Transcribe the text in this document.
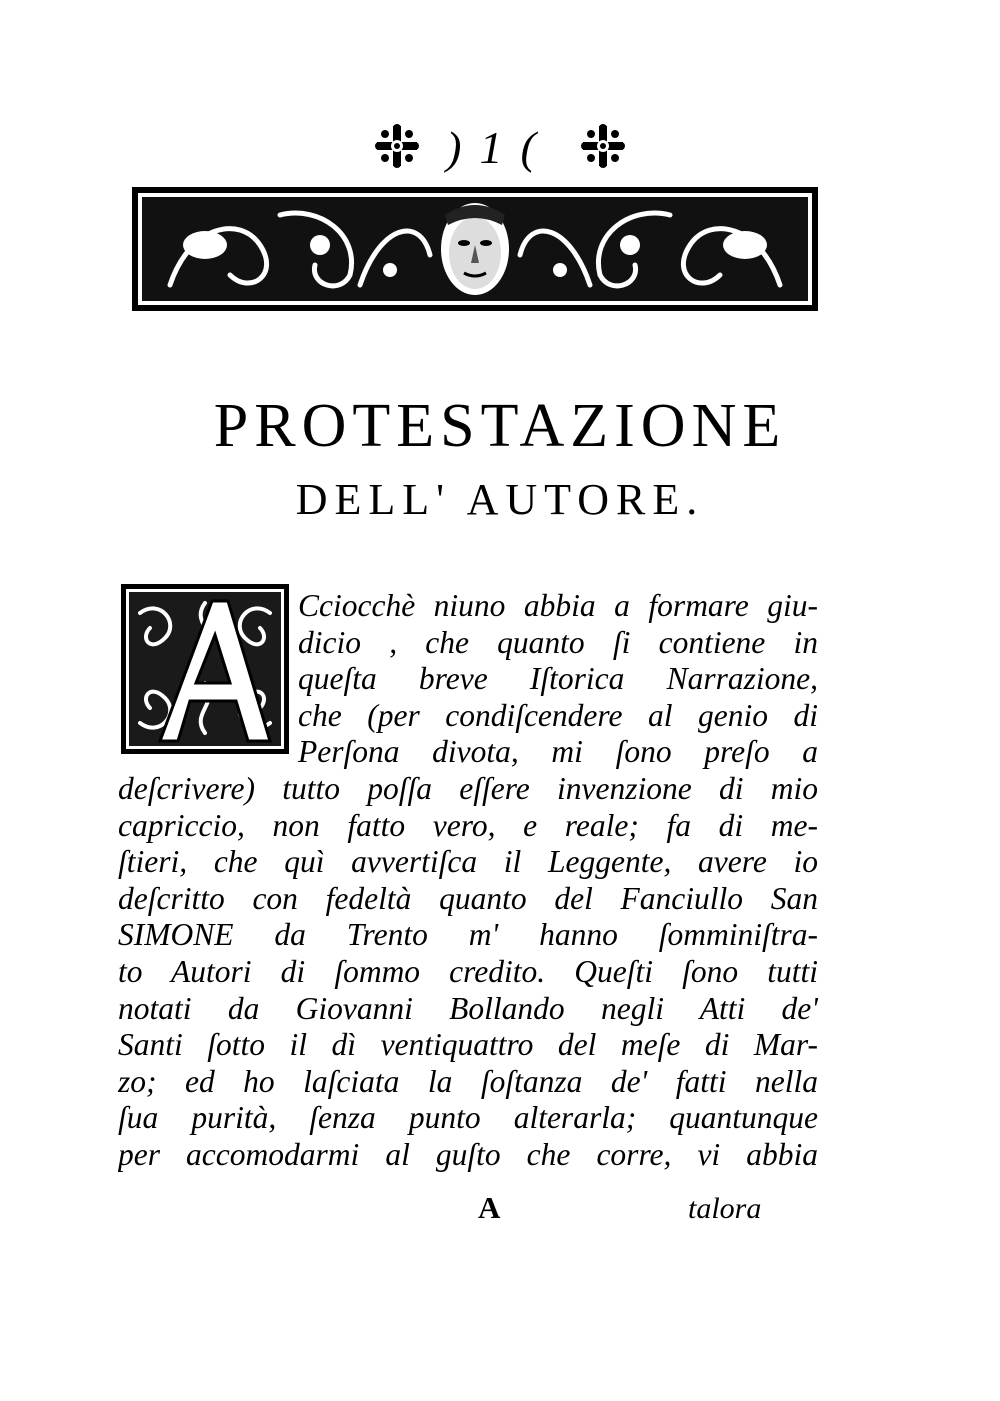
)1(
PROTESTAZIONE
DELL' AUTORE.
Cciocchè niuno abbia a formare giu-
dicio , che quanto ſi contiene in
queſta breve Iſtorica Narrazione,
che (per condiſcendere al genio di
Perſona divota, mi ſono preſo a
deſcrivere) tutto poſſa eſſere invenzione di mio
capriccio, non fatto vero, e reale; fa di me-
ſtieri, che quì avvertiſca il Leggente, avere io
deſcritto con fedeltà quanto del Fanciullo San
SIMONE da Trento m' hanno ſomminiſtra-
to Autori di ſommo credito. Queſti ſono tutti
notati da Giovanni Bollando negli Atti de'
Santi ſotto il dì ventiquattro del meſe di Mar-
zo; ed ho laſciata la ſoſtanza de' fatti nella
ſua purità, ſenza punto alterarla; quantunque
per accomodarmi al guſto che corre, vi abbia
A	talora
